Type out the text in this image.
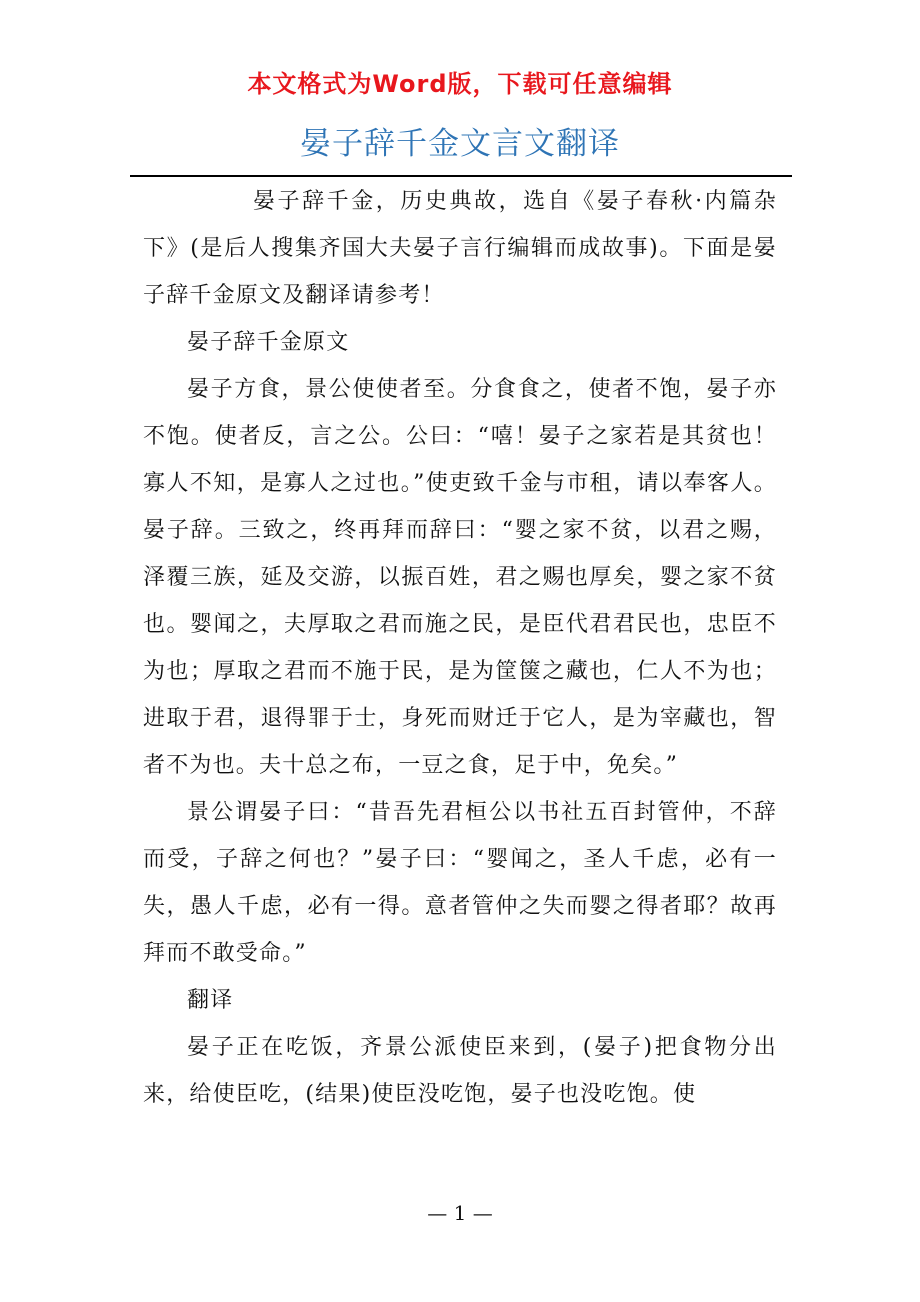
本文格式为Word版，下载可任意编辑
晏子辞千金文言文翻译

晏子辞千金，历史典故，选自《晏子春秋·内篇杂下》(是后人搜集齐国大夫晏子言行编辑而成故事)。下面是晏子辞千金原文及翻译请参考！

晏子辞千金原文

晏子方食，景公使使者至。分食食之，使者不饱，晏子亦不饱。使者反，言之公。公曰：“嘻！晏子之家若是其贫也！寡人不知，是寡人之过也。”使吏致千金与市租，请以奉客人。晏子辞。三致之，终再拜而辞曰：“婴之家不贫，以君之赐，泽覆三族，延及交游，以振百姓，君之赐也厚矣，婴之家不贫也。婴闻之，夫厚取之君而施之民，是臣代君君民也，忠臣不为也；厚取之君而不施于民，是为筐箧之藏也，仁人不为也；进取于君，退得罪于士，身死而财迁于它人，是为宰藏也，智者不为也。夫十总之布，一豆之食，足于中，免矣。”

景公谓晏子曰：“昔吾先君桓公以书社五百封管仲，不辞而受，子辞之何也？”晏子曰：“婴闻之，圣人千虑，必有一失，愚人千虑，必有一得。意者管仲之失而婴之得者耶？故再拜而不敢受命。”

翻译

晏子正在吃饭，齐景公派使臣来到，(晏子)把食物分出来，给使臣吃，(结果)使臣没吃饱，晏子也没吃饱。使

— 1 —
